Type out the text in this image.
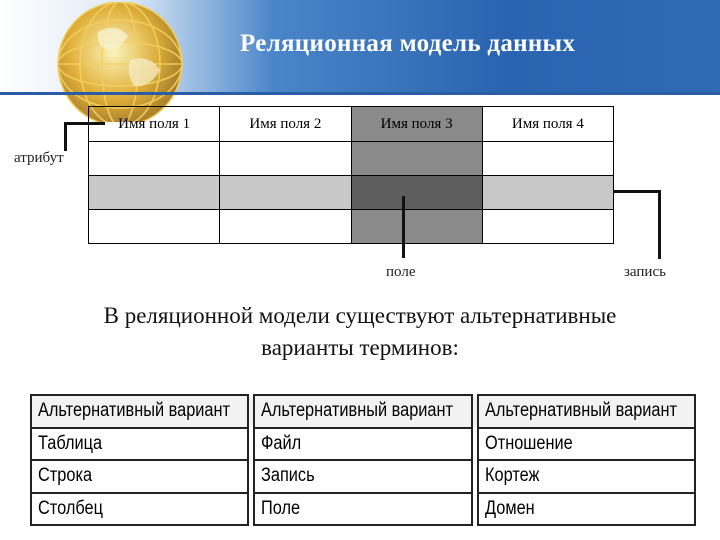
Реляционная модель данных
Имя поля 1	Имя поля 2	Имя поля 3	Имя поля 4

атрибут
поле	запись
В реляционной модели существуют альтернативные
варианты терминов:
Альтернативный вариант		Альтернативный вариант		Альтернативный вариант
Таблица		Файл		Отношение
Строка		Запись		Кортеж
Столбец		Поле		Домен
